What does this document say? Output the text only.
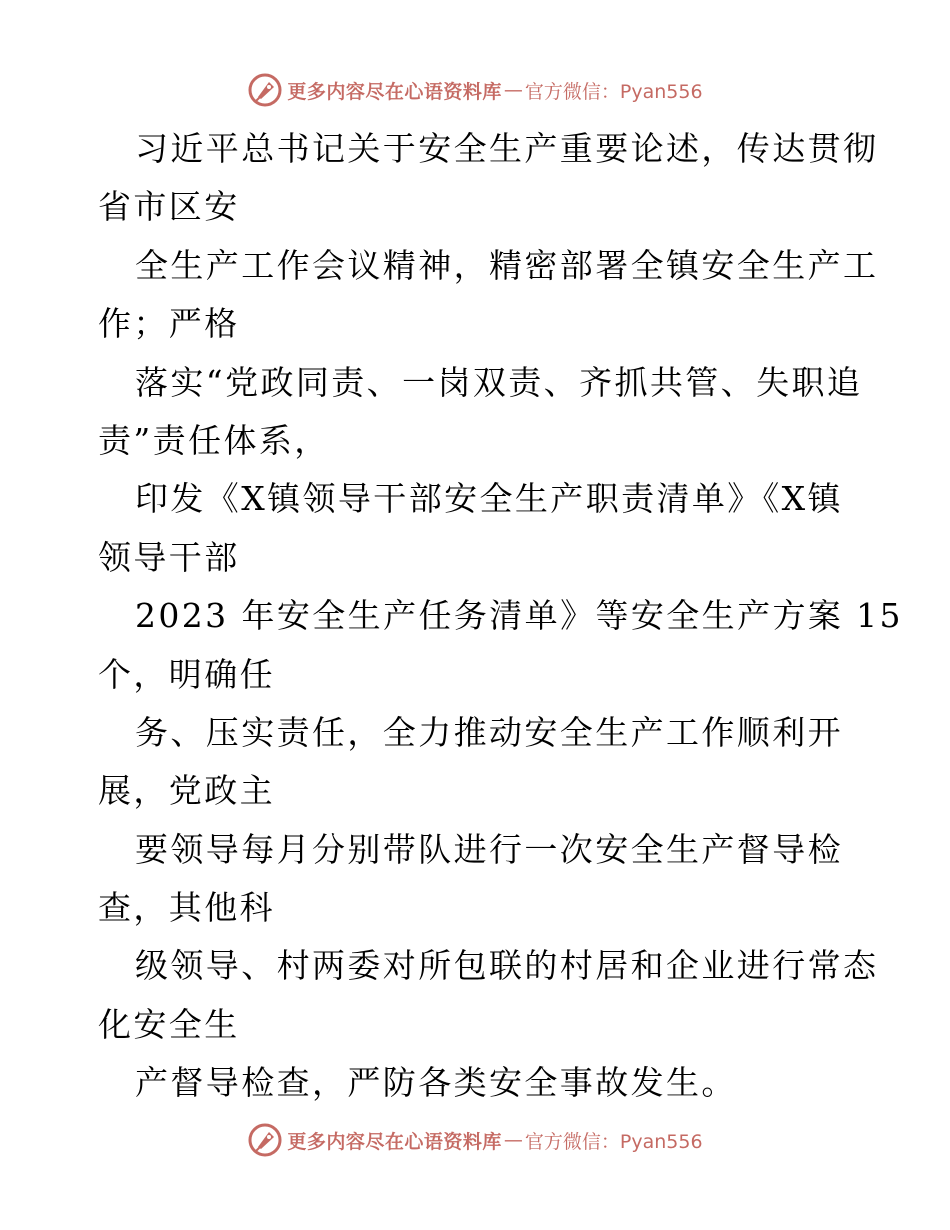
更多内容尽在心语资料库 — 官方微信：Pyan556
习近平总书记关于安全生产重要论述，传达贯彻
省市区安
全生产工作会议精神，精密部署全镇安全生产工
作；严格
落实“党政同责、一岗双责、齐抓共管、失职追
责”责任体系，
印发《X镇领导干部安全生产职责清单》《X镇
领导干部
2023 年安全生产任务清单》等安全生产方案 15
个，明确任
务、压实责任，全力推动安全生产工作顺利开
展，党政主
要领导每月分别带队进行一次安全生产督导检
查，其他科
级领导、村两委对所包联的村居和企业进行常态
化安全生
产督导检查，严防各类安全事故发生。
更多内容尽在心语资料库 — 官方微信：Pyan556
